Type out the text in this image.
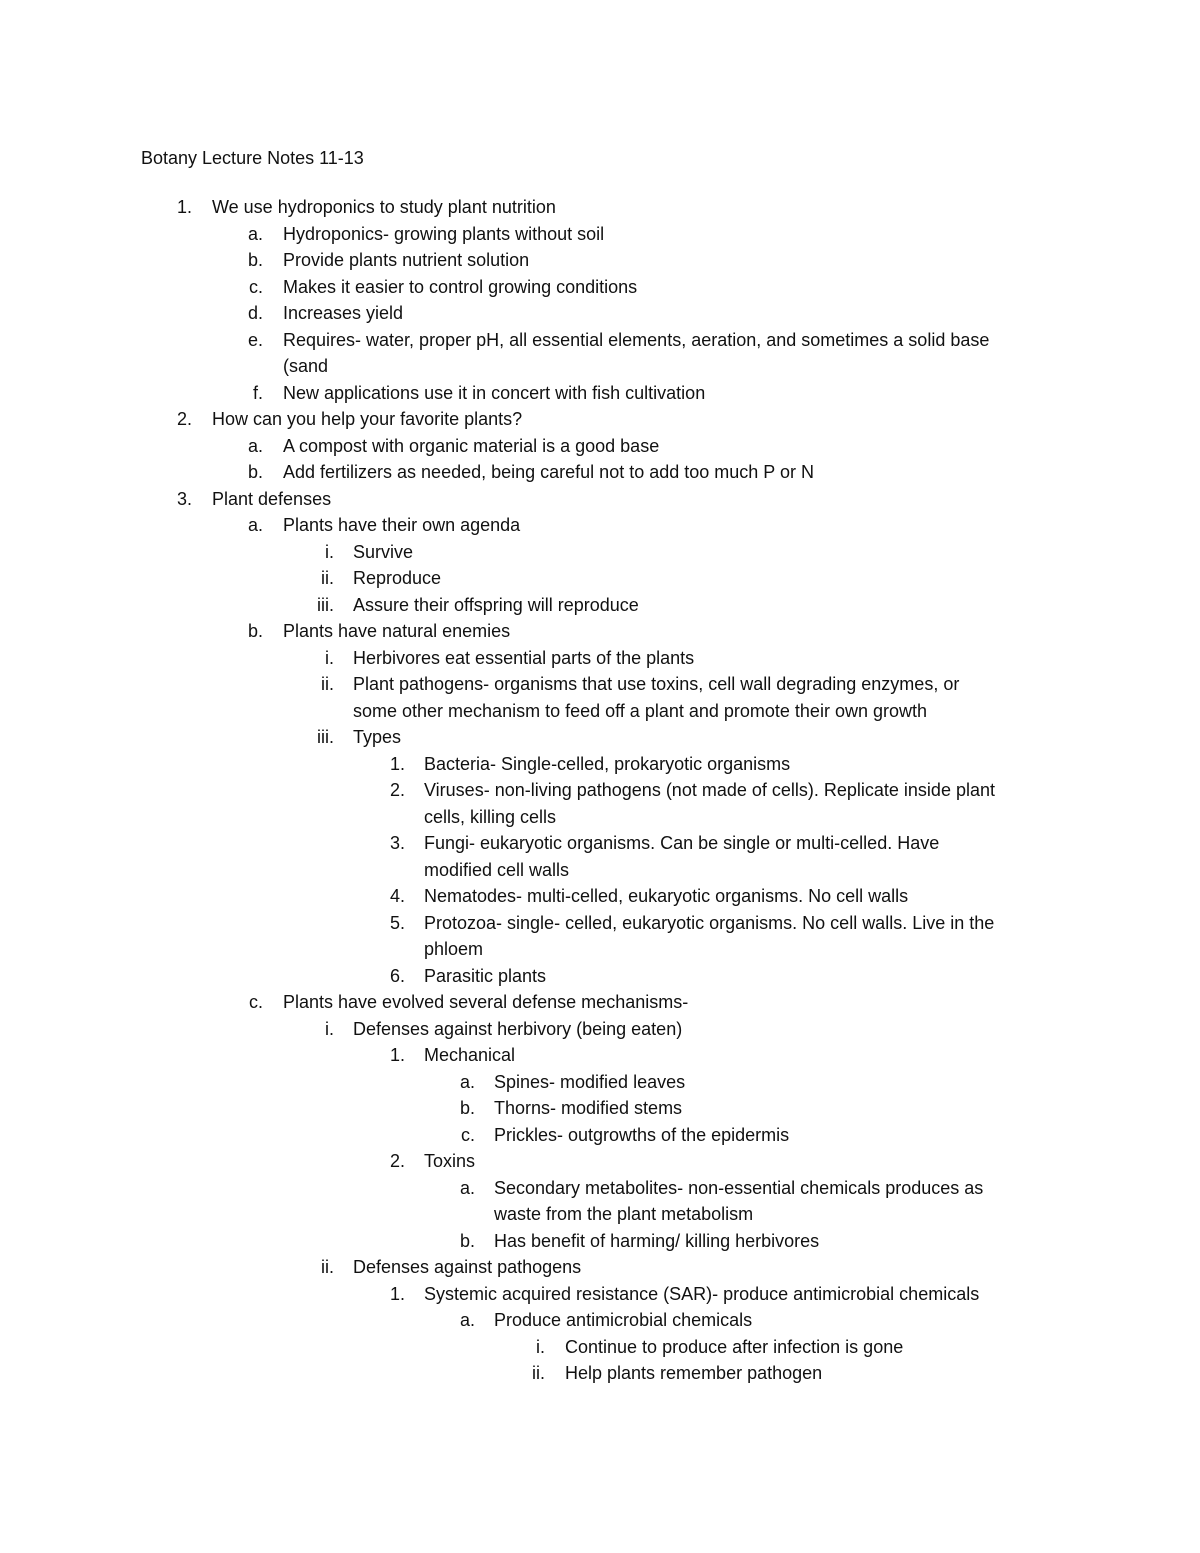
Botany Lecture Notes 11-13
1. We use hydroponics to study plant nutrition
a. Hydroponics- growing plants without soil
b. Provide plants nutrient solution
c. Makes it easier to control growing conditions
d. Increases yield
e. Requires- water, proper pH, all essential elements, aeration, and sometimes a solid base
(sand
f. New applications use it in concert with fish cultivation
2. How can you help your favorite plants?
a. A compost with organic material is a good base
b. Add fertilizers as needed, being careful not to add too much P or N
3. Plant defenses
a. Plants have their own agenda
i. Survive
ii. Reproduce
iii. Assure their offspring will reproduce
b. Plants have natural enemies
i. Herbivores eat essential parts of the plants
ii. Plant pathogens- organisms that use toxins, cell wall degrading enzymes, or
some other mechanism to feed off a plant and promote their own growth
iii. Types
1. Bacteria- Single-celled, prokaryotic organisms
2. Viruses- non-living pathogens (not made of cells). Replicate inside plant
cells, killing cells
3. Fungi- eukaryotic organisms. Can be single or multi-celled. Have
modified cell walls
4. Nematodes- multi-celled, eukaryotic organisms. No cell walls
5. Protozoa- single- celled, eukaryotic organisms. No cell walls. Live in the
phloem
6. Parasitic plants
c. Plants have evolved several defense mechanisms-
i. Defenses against herbivory (being eaten)
1. Mechanical
a. Spines- modified leaves
b. Thorns- modified stems
c. Prickles- outgrowths of the epidermis
2. Toxins
a. Secondary metabolites- non-essential chemicals produces as
waste from the plant metabolism
b. Has benefit of harming/ killing herbivores
ii. Defenses against pathogens
1. Systemic acquired resistance (SAR)- produce antimicrobial chemicals
a. Produce antimicrobial chemicals
i. Continue to produce after infection is gone
ii. Help plants remember pathogen
